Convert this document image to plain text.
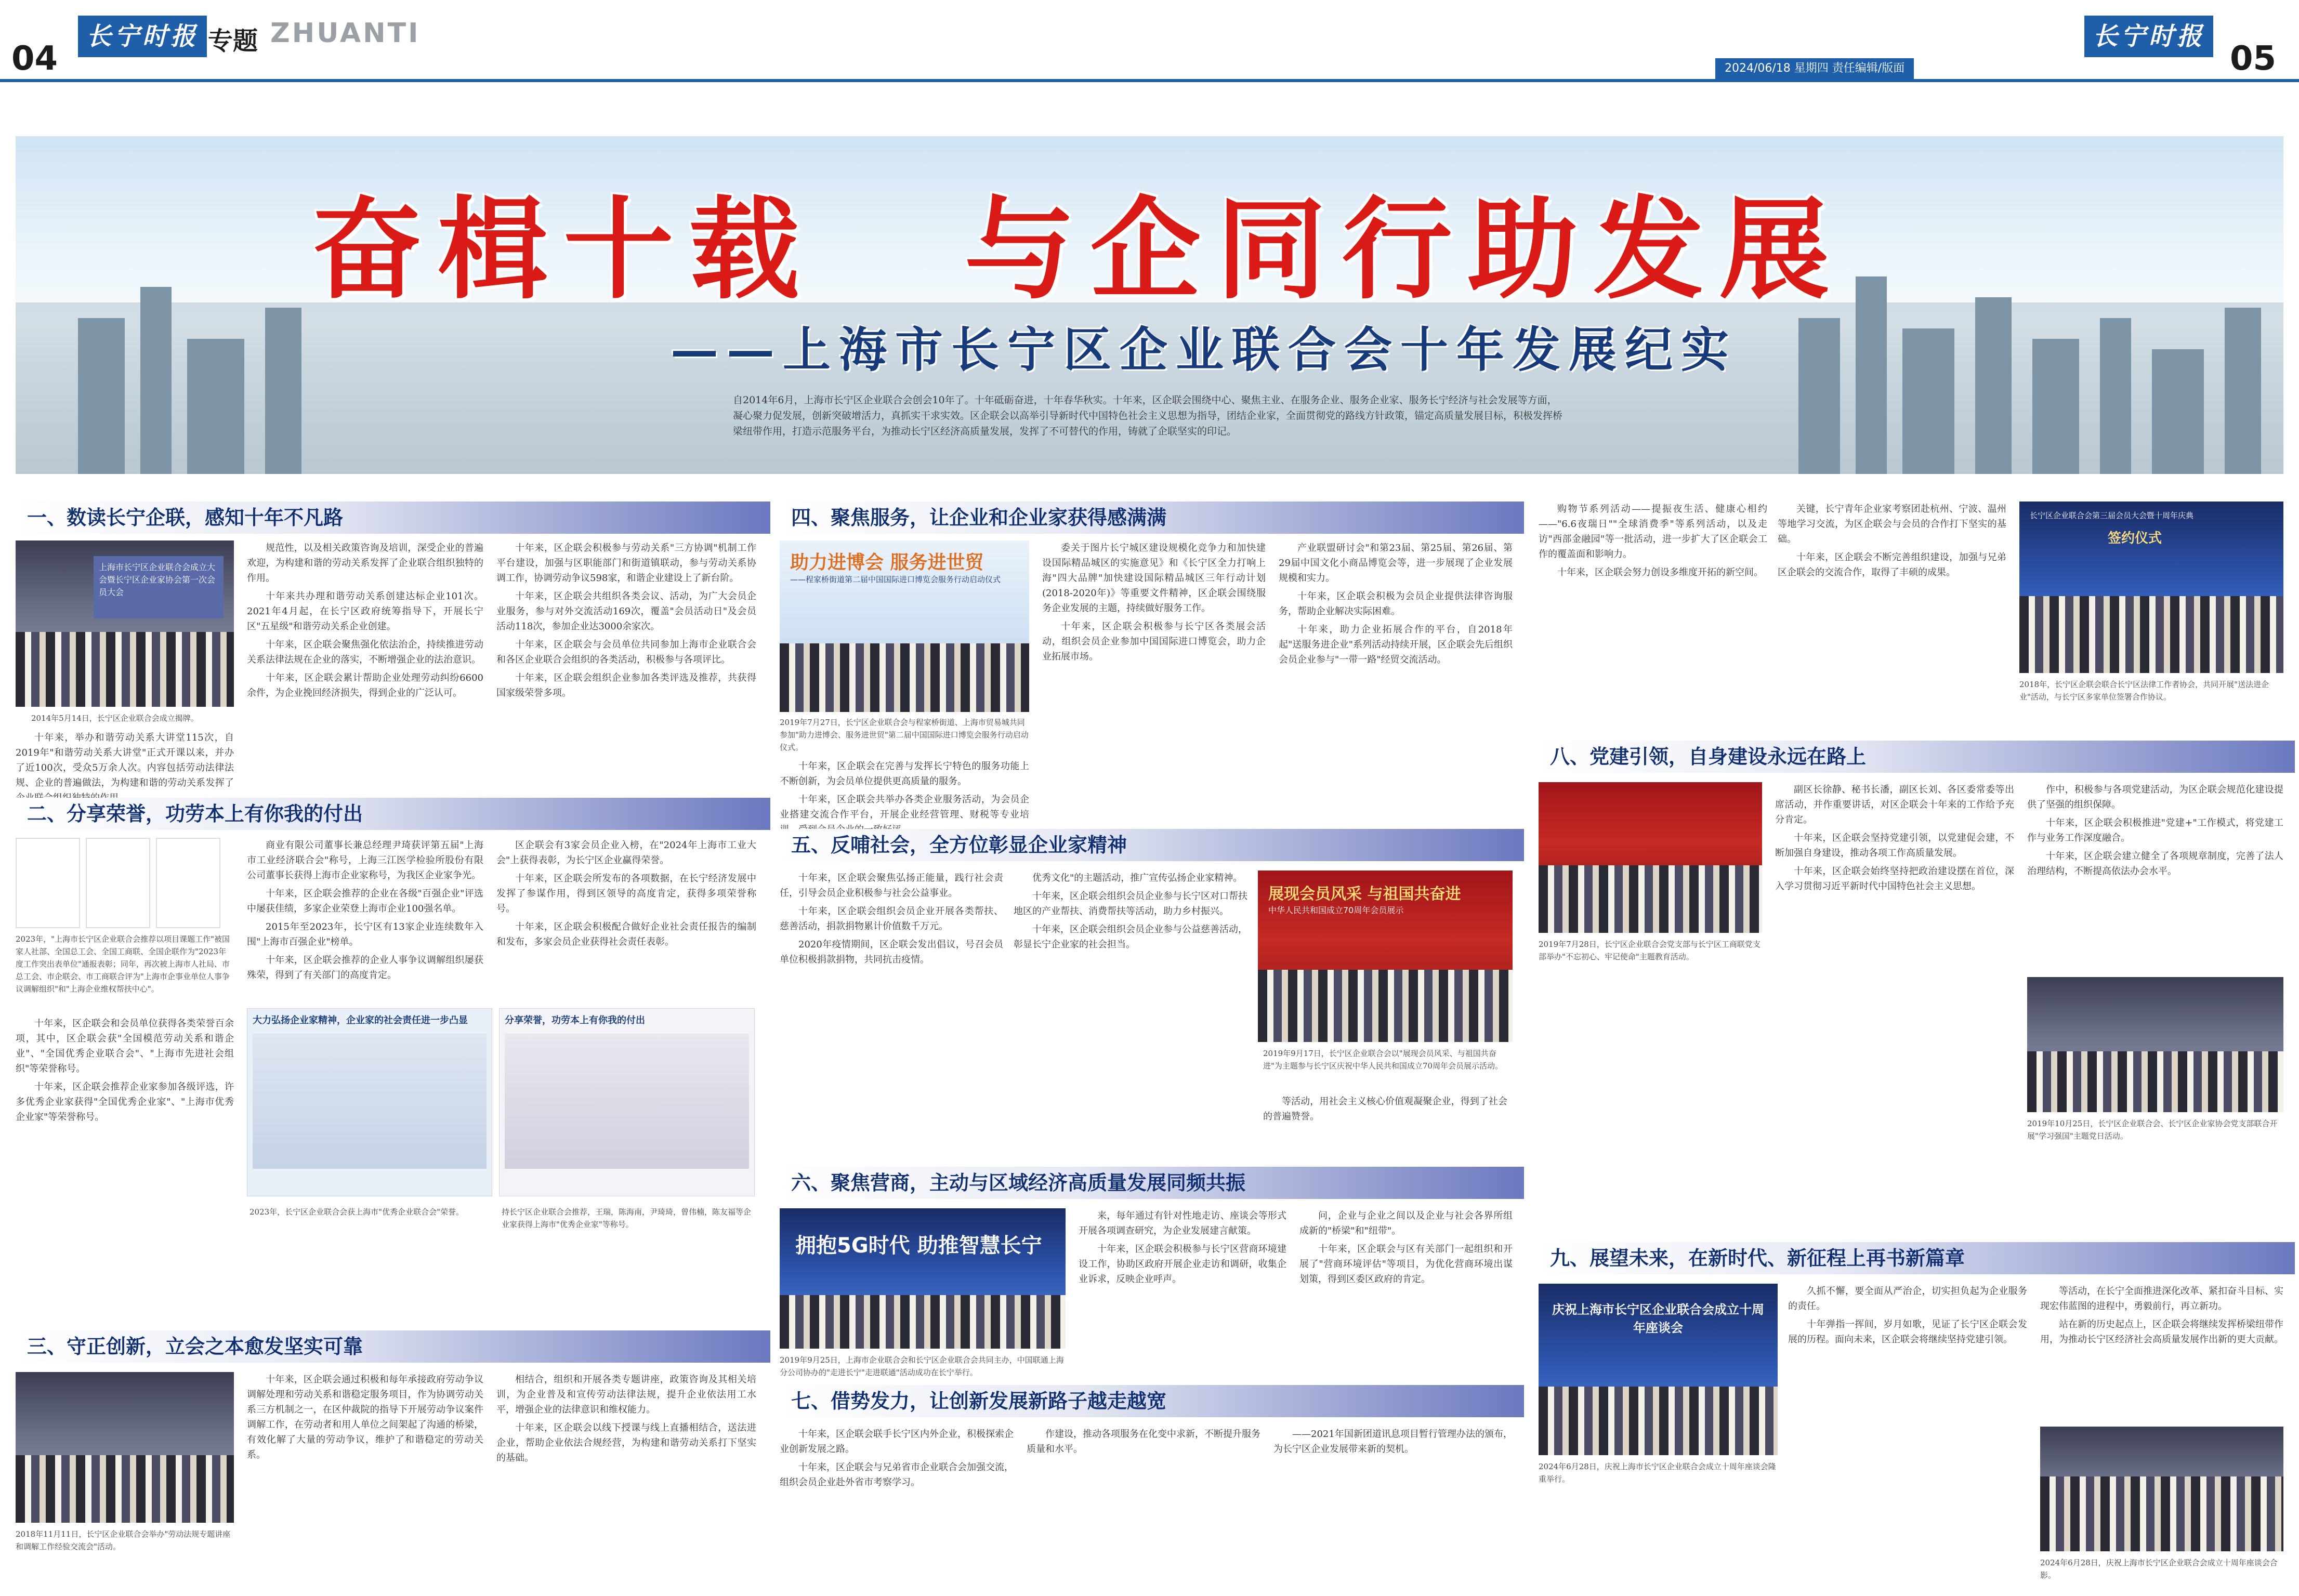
04
长宁时报 专题 ZHUANTI
2024/06/18 星期四 责任编辑/版面
长宁时报
05
奋楫十载 与企同行助发展
——上海市长宁区企业联合会十年发展纪实
自2014年6月，上海市长宁区企业联合会创会10年了。十年砥砺奋进，十年春华秋实。十年来，区企联会围绕中心、聚焦主业、在服务企业、服务企业家、服务长宁经济与社会发展等方面，凝心聚力促发展，创新突破增活力，真抓实干求实效。区企联会以高举引导新时代中国特色社会主义思想为指导，团结企业家，全面贯彻党的路线方针政策，锚定高质量发展目标，积极发挥桥梁纽带作用，打造示范服务平台，为推动长宁区经济高质量发展，发挥了不可替代的作用，铸就了企联坚实的印记。
一、数读长宁企联，感知十年不凡路
上海市长宁区企业联合会成立大会暨长宁区企业家协会第一次会员大会
2014年5月14日，长宁区企业联合会成立揭牌。

十年来，举办和谐劳动关系大讲堂115次，自2019年"和谐劳动关系大讲堂"正式开课以来，并办了近100次，受众5万余人次。内容包括劳动法律法规、企业的普遍做法，为构建和谐的劳动关系发挥了

规范性，以及相关政策咨询及培训，深受企业的普遍欢迎，为构建和谐的劳动关系发挥了企业联合组织独特的作用。

十年来共办理和谐劳动关系创建达标企业101次。2021年4月起，在长宁区政府统筹指导下，开展长宁区"五星级"和谐劳动关系企业创建。

十年来，区企联会聚焦强化依法治企，持续推进劳动关系法律法规在企业的落实，不断增强企业的法治意识。

十年来，区企联会累计帮助企业处理劳动纠纷6600余件，为企业挽回经济损失，得到企业的广泛认可。

十年来，区企联会积极参与劳动关系"三方协调"机制工作平台建设，加强与区职能部门和街道镇联动，参与劳动关系协调工作，协调劳动争议598家，和谐企业建设上了新台阶。

十年来，区企联会共组织各类会议、活动，为广大会员企业服务，参与对外交流活动169次，覆盖"会员活动日"及会员活动118次，参加企业达3000余家次。

十年来，区企联会与会员单位共同参加上海市企业联合会和各区企业联合会组织的各类活动，积极参与各项评比。

十年来，区企联会组织企业参加各类评选及推荐，共获得国家级荣誉多项。

二、分享荣誉，功劳本上有你我的付出
2023年，"上海市长宁区企业联合会推荐以项目课题工作"被国家人社部、全国总工会、全国工商联、全国企联作为"2023年度工作突出表单位"通报表彰；同年，再次被上海市人社局、市总工会、市企联会、市工商联合评为"上海市企事业单位人事争议调解组织"和"上海企业维权帮扶中心"。

十年来，区企联会和会员单位获得各类荣誉百余项，其中，区企联会获"全国模范劳动关系和谐企业"、"全国优秀企业联合会"、"上海市先进社会组织"等荣誉称号。

十年来，区企联会推荐企业家参加各级评选，许多优秀企业家获得"全国优秀企业家"、"上海市优秀企业家"等荣誉称号。

商业有限公司董事长兼总经理尹琦获评第五届"上海市工业经济联合会"称号，上海三江医学检验所股份有限公司董事长获得上海市企业家称号，为我区企业家争光。

十年来，区企联会推荐的企业在各级"百强企业"评选中屡获佳绩，多家企业荣登上海市企业100强名单。

2015年至2023年，长宁区有13家企业连续数年入围"上海市百强企业"榜单。

十年来，区企联会推荐的企业人事争议调解组织屡获殊荣，得到了有关部门的高度肯定。

区企联会有3家会员企业入榜，在"2024年上海市工业大会"上获得表彰，为长宁区企业赢得荣誉。

十年来，区企联会所发布的各项数据，在长宁经济发展中发挥了参谋作用，得到区领导的高度肯定，获得多项荣誉称号。

十年来，区企联会积极配合做好企业社会责任报告的编制和发布，多家会员企业获得社会责任表彰。

大力弘扬企业家精神，企业家的社会责任进一步凸显	分享荣誉，功劳本上有你我的付出
2023年，长宁区企业联合会获上海市"优秀企业联合会"荣誉。	持长宁区企业联合会推荐，王瑞，陈海南，尹琦琦，曾伟楠，陈友福等企业家获得上海市"优秀企业家"等称号。
三、守正创新，立会之本愈发坚实可靠
2018年11月11日，长宁区企业联合会举办"劳动法规专题讲座和调解工作经验交流会"活动。

十年来，区企联会通过积极和每年承接政府劳动争议调解处理和劳动关系和谐稳定服务项目，作为协调劳动关系三方机制之一，在区仲裁院的指导下开展劳动争议案件调解工作，在劳动者和用人单位之间架起了沟通的桥梁，有效化解了大量的劳动争议，维护了和谐稳定的劳动关系。

相结合，组织和开展各类专题讲座，政策咨询及其相关培训，为企业普及和宣传劳动法律法规，提升企业依法用工水平，增强企业的法律意识和维权能力。

十年来，区企联会以线下授课与线上直播相结合，送法进企业，帮助企业依法合规经营，为构建和谐劳动关系打下坚实的基础。

四、聚焦服务，让企业和企业家获得感满满
助力进博会 服务进世贸
——程家桥街道第二届中国国际进口博览会服务行动启动仪式
2019年7月27日，长宁区企业联合会与程家桥街道、上海市贸易城共同参加"助力进博会、服务进世贸"第二届中国国际进口博览会服务行动启动仪式。

十年来，区企联会在完善与发挥长宁特色的服务功能上不断创新，为会员单位提供更高质量的服务。

十年来，区企联会共举办各类企业服务活动，为会员企业搭建交流合作平台，开展企业经营管理、财税等专业培

委关于图片长宁城区建设规模化竞争力和加快建设国际精品城区的实施意见》和《长宁区全力打响上海"四大品牌"加快建设国际精品城区三年行动计划(2018-2020年)》等重要文件精神，区企联会围绕服务企业发展的主题，持续做好服务工作。

十年来，区企联会积极参与长宁区各类展会活动，组织会员企业参加中国国际进口博览会，助力企业拓展市场。

产业联盟研讨会"和第23届、第25届、第26届、第29届中国文化小商品博览会等，进一步展现了企业发展规模和实力。

十年来，区企联会积极为会员企业提供法律咨询服务，帮助企业解决实际困难。

十年来，助力企业拓展合作的平台，自2018年起"送服务进企业"系列活动持续开展，区企联会先后组织会员企业参与"一带一路"经贸交流活动。

五、反哺社会，全方位彰显企业家精神

十年来，区企联会聚焦弘扬正能量，践行社会责任，引导会员企业积极参与社会公益事业。

十年来，区企联会组织会员企业开展各类帮扶、慈善活动，捐款捐物累计价值数千万元。

2020年疫情期间，区企联会发出倡议，号召会员单位积极捐款捐物，共同抗击疫情。

优秀文化"的主题活动，推广宣传弘扬企业家精神。

十年来，区企联会组织会员企业参与长宁区对口帮扶地区的产业帮扶、消费帮扶等活动，助力乡村振兴。

十年来，区企联会组织会员企业参与公益慈善活动，彰显长宁企业家的社会担当。

展现会员风采 与祖国共奋进
中华人民共和国成立70周年会员展示
2019年9月17日，长宁区企业联合会以"展现会员风采、与祖国共奋进"为主题参与长宁区庆祝中华人民共和国成立70周年会员展示活动。

等活动，用社会主义核心价值观凝聚企业，得到了社会的普遍赞誉。

六、聚焦营商，主动与区域经济高质量发展同频共振
拥抱5G时代 助推智慧长宁
2019年9月25日，上海市企业联合会和长宁区企业联合会共同主办，中国联通上海分公司协办的"走进长宁"走进联通"活动成功在长宁举行。

来，每年通过有针对性地走访、座谈会等形式开展各项调查研究，为企业发展建言献策。

十年来，区企联会积极参与长宁区营商环境建设工作，协助区政府开展企业走访和调研，收集企业诉求，反映企业呼声。

问，企业与企业之间以及企业与社会各界所组成新的"桥梁"和"纽带"。

十年来，区企联会与区有关部门一起组织和开展了"营商环境评估"等项目，为优化营商环境出谋划策，得到区委区政府的肯定。

七、借势发力，让创新发展新路子越走越宽

十年来，区企联会联手长宁区内外企业，积极探索企业创新发展之路。

十年来，区企联会与兄弟省市企业联合会加强交流，组织会员企业赴外省市考察学习。

作建设，推动各项服务在化变中求新，不断提升服务质量和水平。

——2021年国新团道讯息项目暂行管理办法的颁布，为长宁区企业发展带来新的契机。

购物节系列活动——提振夜生活、健康心相约——"6.6夜瑞日""全球消费季"等系列活动，以及走访"西部金融园"等一批活动，进一步扩大了区企联会工作的覆盖面和影响力。

十年来，区企联会努力创设多维度开拓的新空间。

关键，长宁青年企业家考察团赴杭州、宁波、温州等地学习交流，为区企联会与会员的合作打下坚实的基础。

十年来，区企联会不断完善组织建设，加强与兄弟区企联会的交流合作，取得了丰硕的成果。

长宁区企业联合会第三届会员大会暨十周年庆典
签约仪式
2018年，长宁区企联会联合长宁区法律工作者协会，共同开展"送法进企业"活动，与长宁区多家单位签署合作协议。
八、党建引领，自身建设永远在路上
2019年7月28日，长宁区企业联合会党支部与长宁区工商联党支部举办"不忘初心、牢记使命"主题教育活动。

副区长徐静、秘书长潘，副区长刘、各区委常委等出席活动，并作重要讲话，对区企联会十年来的工作给予充分肯定。

十年来，区企联会坚持党建引领，以党建促会建，不断加强自身建设，推动各项工作高质量发展。

十年来，区企联会始终坚持把政治建设摆在首位，深入学习贯彻习近平新时代中国特色社会主义思想。

作中，积极参与各项党建活动，为区企联会规范化建设提供了坚强的组织保障。

十年来，区企联会积极推进"党建+"工作模式，将党建工作与业务工作深度融合。

十年来，区企联会建立健全了各项规章制度，完善了法人治理结构，不断提高依法办会水平。

2019年10月25日，长宁区企业联合会、长宁区企业家协会党支部联合开展"学习强国"主题党日活动。
九、展望未来，在新时代、新征程上再书新篇章
庆祝上海市长宁区企业联合会成立十周年座谈会
2024年6月28日，庆祝上海市长宁区企业联合会成立十周年座谈会隆重举行。

久抓不懈，要全面从严治企，切实担负起为企业服务的责任。

十年弹指一挥间，岁月如歌，见证了长宁区企联会发展的历程。面向未来，区企联会将继续坚持党建引领。

等活动，在长宁全面推进深化改革、紧扣奋斗目标、实现宏伟蓝图的进程中，勇毅前行，再立新功。

站在新的历史起点上，区企联会将继续发挥桥梁纽带作用，为推动长宁区经济社会高质量发展作出新的更大贡献。

2024年6月28日，庆祝上海市长宁区企业联合会成立十周年座谈会合影。
